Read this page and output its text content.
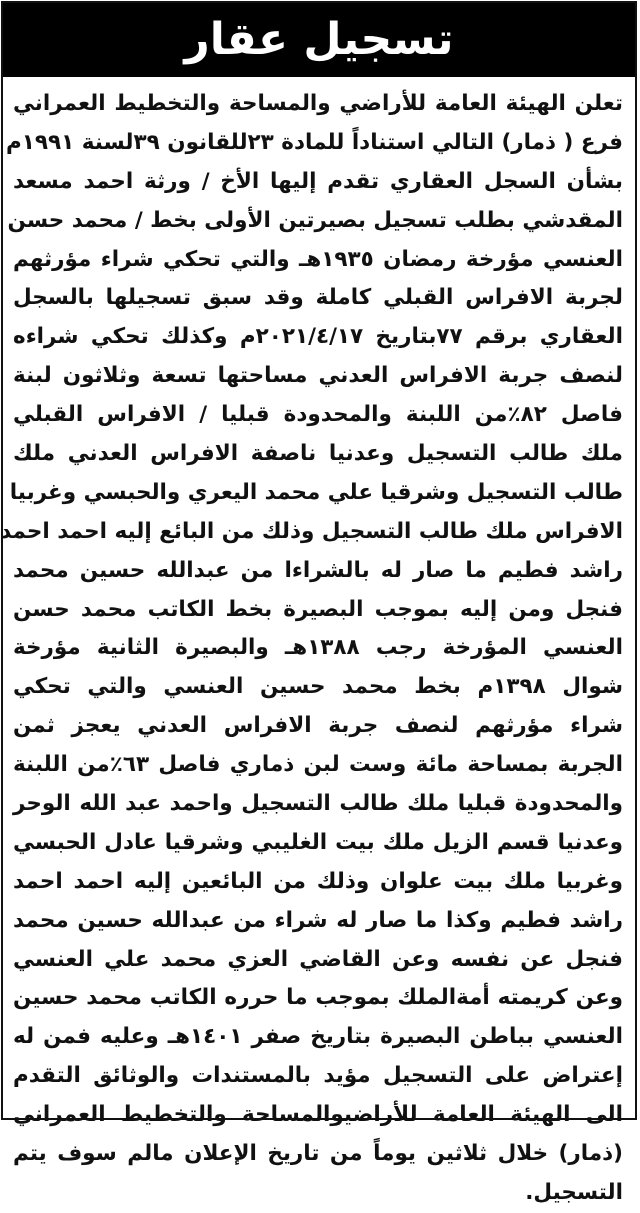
تسجيل عقار
تعلن الهيئة العامة للأراضي والمساحة والتخطيط العمراني
فرع ( ذمار) التالي استناداً للمادة ٢٣للقانون ٣٩لسنة ١٩٩١م
بشأن السجل العقاري تقدم إليها الأخ / ورثة احمد مسعد
المقدشي بطلب تسجيل بصيرتين الأولى بخط / محمد حسن
العنسي مؤرخة رمضان ١٩٣٥هـ والتي تحكي شراء مؤرثهم
لجربة الافراس القبلي كاملة وقد سبق تسجيلها بالسجل
العقاري برقم ٧٧بتاريخ ٢٠٢١/٤/١٧م وكذلك تحكي شراءه
لنصف جربة الافراس العدني مساحتها تسعة وثلاثون لبنة
فاصل ٨٢٪من اللبنة والمحدودة قبليا / الافراس القبلي
ملك طالب التسجيل وعدنيا ناصفة الافراس العدني ملك
طالب التسجيل وشرقيا علي محمد اليعري والحبسي وغربيا
الافراس ملك طالب التسجيل وذلك من البائع إليه احمد احمد
راشد فطيم ما صار له بالشراءا من عبدالله حسين محمد
فنجل ومن إليه بموجب البصيرة بخط الكاتب محمد حسن
العنسي المؤرخة رجب ١٣٨٨هـ والبصيرة الثانية مؤرخة
شوال ١٣٩٨م بخط محمد حسين العنسي والتي تحكي
شراء مؤرثهم لنصف جربة الافراس العدني يعجز ثمن
الجربة بمساحة مائة وست لبن ذماري فاصل ٦٣٪من اللبنة
والمحدودة قبليا ملك طالب التسجيل واحمد عبد الله الوحر
وعدنيا قسم الزيل ملك بيت الغليبي وشرقيا عادل الحبسي
وغربيا ملك بيت علوان وذلك من البائعين إليه احمد احمد
راشد فطيم وكذا ما صار له شراء من عبدالله حسين محمد
فنجل عن نفسه وعن القاضي العزي محمد علي العنسي
وعن كريمته أمةالملك بموجب ما حرره الكاتب محمد حسين
العنسي بباطن البصيرة بتاريخ صفر ١٤٠١هـ وعليه فمن له
إعتراض على التسجيل مؤيد بالمستندات والوثائق التقدم
الى الهيئة العامة للأراضيوالمساحة والتخطيط العمراني
(ذمار) خلال ثلاثين يوماً من تاريخ الإعلان مالم سوف يتم
التسجيل.
